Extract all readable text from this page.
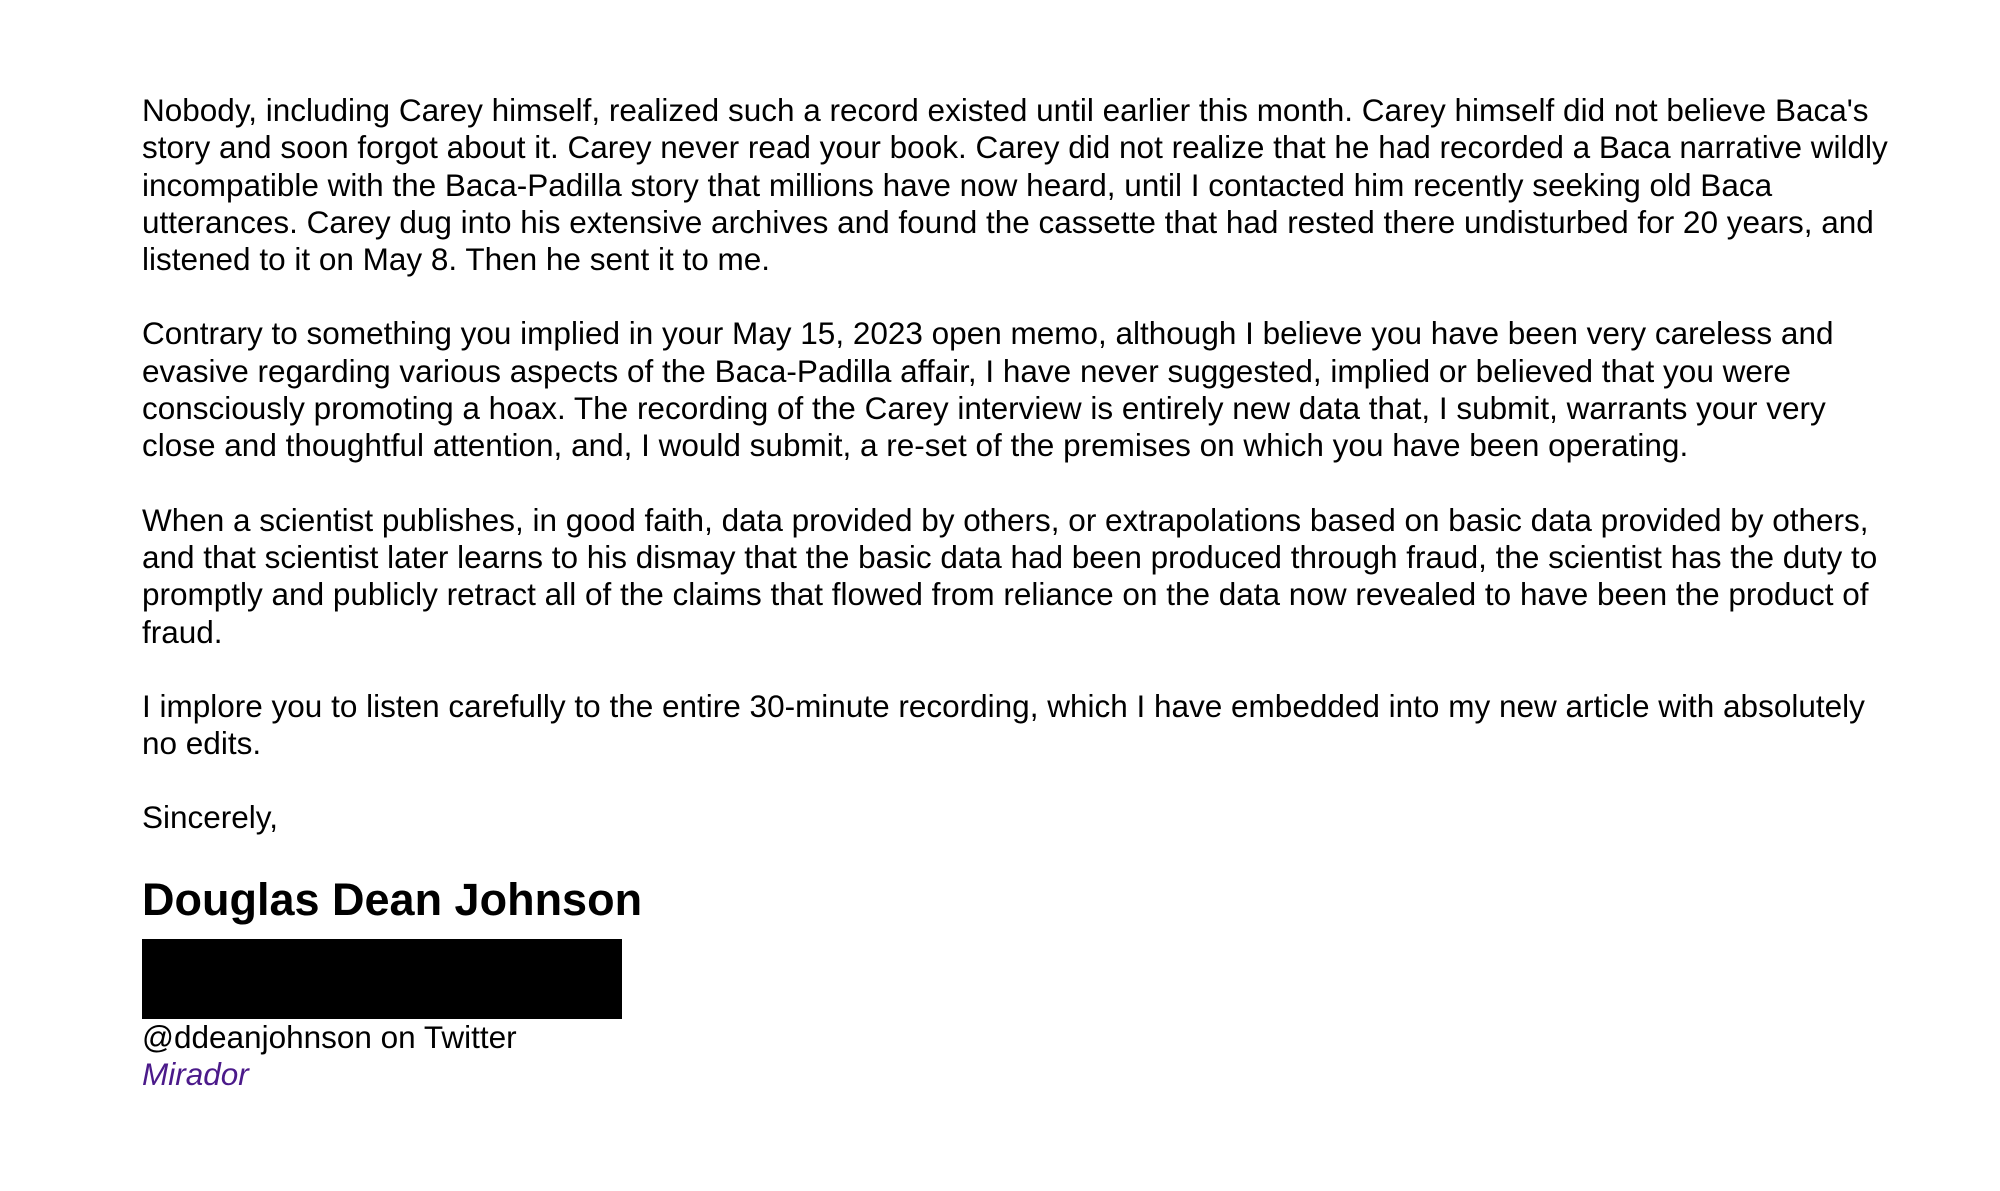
Nobody, including Carey himself, realized such a record existed until earlier this month. Carey himself did not believe Baca's story and soon forgot about it. Carey never read your book. Carey did not realize that he had recorded a Baca narrative wildly incompatible with the Baca-Padilla story that millions have now heard, until I contacted him recently seeking old Baca utterances. Carey dug into his extensive archives and found the cassette that had rested there undisturbed for 20 years, and listened to it on May 8. Then he sent it to me.

Contrary to something you implied in your May 15, 2023 open memo, although I believe you have been very careless and evasive regarding various aspects of the Baca-Padilla affair, I have never suggested, implied or believed that you were consciously promoting a hoax. The recording of the Carey interview is entirely new data that, I submit, warrants your very close and thoughtful attention, and, I would submit, a re-set of the premises on which you have been operating.

When a scientist publishes, in good faith, data provided by others, or extrapolations based on basic data provided by others, and that scientist later learns to his dismay that the basic data had been produced through fraud, the scientist has the duty to promptly and publicly retract all of the claims that flowed from reliance on the data now revealed to have been the product of fraud.

I implore you to listen carefully to the entire 30-minute recording, which I have embedded into my new article with absolutely no edits.

Sincerely,

Douglas Dean Johnson

@ddeanjohnson on Twitter

Mirador
